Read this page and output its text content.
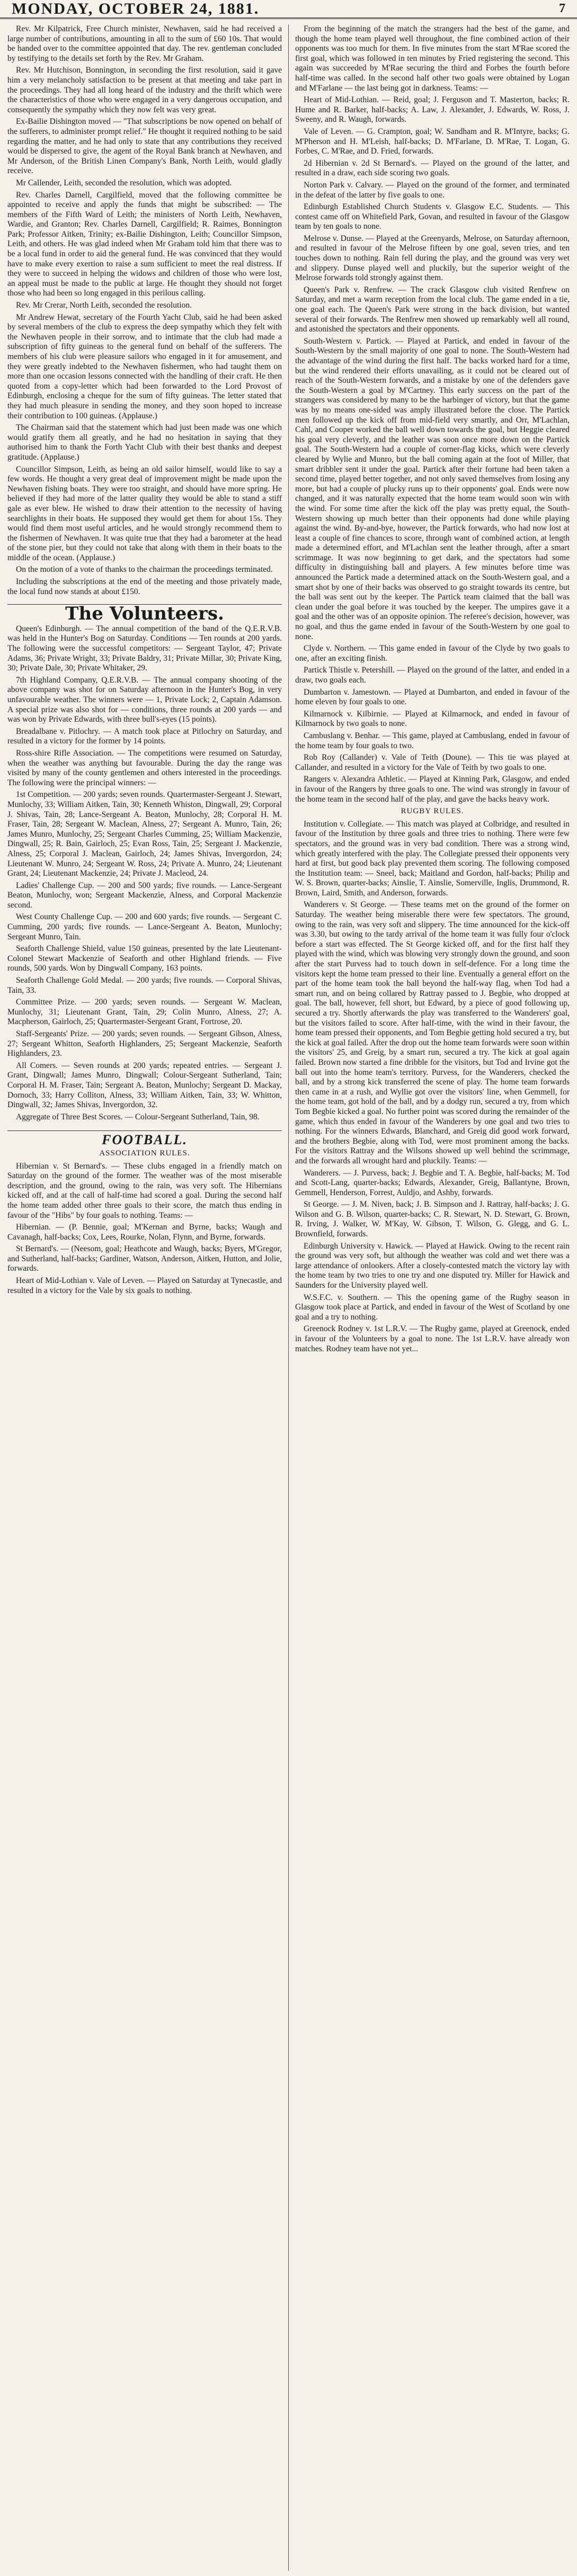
MONDAY, OCTOBER 24, 1881.	7

Rev. Mr Kilpatrick, Free Church minister, Newhaven, said he had received a large number of contributions, amounting in all to the sum of £60 10s. That would be handed over to the committee appointed that day. The rev. gentleman concluded by testifying to the details set forth by the Rev. Mr Graham.

Rev. Mr Hutchison, Bonnington, in seconding the first resolution, said it gave him a very melancholy satisfaction to be present at that meeting and take part in the proceedings. They had all long heard of the industry and the thrift which were the characteristics of those who were engaged in a very dangerous occupation, and consequently the sympathy which they now felt was very great.

Ex-Bailie Dishington moved — "That subscriptions be now opened on behalf of the sufferers, to administer prompt relief." He thought it required nothing to be said regarding the matter, and he had only to state that any contributions they received would be dispersed to give, the agent of the Royal Bank branch at Newhaven, and Mr Anderson, of the British Linen Company's Bank, North Leith, would gladly receive.

Mr Callender, Leith, seconded the resolution, which was adopted.

Rev. Charles Darnell, Cargilfield, moved that the following committee be appointed to receive and apply the funds that might be subscribed: — The members of the Fifth Ward of Leith; the ministers of North Leith, Newhaven, Wardie, and Granton; Rev. Charles Darnell, Cargilfield; R. Raimes, Bonnington Park; Professor Aitken, Trinity; ex-Bailie Dishington, Leith; Councillor Simpson, Leith, and others. He was glad indeed when Mr Graham told him that there was to be a local fund in order to aid the general fund. He was convinced that they would have to make every exertion to raise a sum sufficient to meet the real distress. If they were to succeed in helping the widows and children of those who were lost, an appeal must be made to the public at large. He thought they should not forget those who had been so long engaged in this perilous calling.

Rev. Mr Crerar, North Leith, seconded the resolution.

Mr Andrew Hewat, secretary of the Fourth Yacht Club, said he had been asked by several members of the club to express the deep sympathy which they felt with the Newhaven people in their sorrow, and to intimate that the club had made a subscription of fifty guineas to the general fund on behalf of the sufferers. The members of his club were pleasure sailors who engaged in it for amusement, and they were greatly indebted to the Newhaven fishermen, who had taught them on more than one occasion lessons connected with the handling of their craft. He then quoted from a copy-letter which had been forwarded to the Lord Provost of Edinburgh, enclosing a cheque for the sum of fifty guineas. The letter stated that they had much pleasure in sending the money, and they soon hoped to increase their contribution to 100 guineas. (Applause.)

The Chairman said that the statement which had just been made was one which would gratify them all greatly, and he had no hesitation in saying that they authorised him to thank the Forth Yacht Club with their best thanks and deepest gratitude. (Applause.)

Councillor Simpson, Leith, as being an old sailor himself, would like to say a few words. He thought a very great deal of improvement might be made upon the Newhaven fishing boats. They were too straight, and should have more spring. He believed if they had more of the latter quality they would be able to stand a stiff gale as ever blew. He wished to draw their attention to the necessity of having searchlights in their boats. He supposed they would get them for about 15s. They would find them most useful articles, and he would strongly recommend them to the fishermen of Newhaven. It was quite true that they had a barometer at the head of the stone pier, but they could not take that along with them in their boats to the middle of the ocean. (Applause.)

On the motion of a vote of thanks to the chairman the proceedings terminated.

Including the subscriptions at the end of the meeting and those privately made, the local fund now stands at about £150.

The Volunteers.

Queen's Edinburgh. — The annual competition of the band of the Q.E.R.V.B. was held in the Hunter's Bog on Saturday. Conditions — Ten rounds at 200 yards. The following were the successful competitors: — Sergeant Taylor, 47; Private Adams, 36; Private Wright, 33; Private Baldry, 31; Private Millar, 30; Private King, 30; Private Dale, 30; Private Whitaker, 29.

7th Highland Company, Q.E.R.V.B. — The annual company shooting of the above company was shot for on Saturday afternoon in the Hunter's Bog, in very unfavourable weather. The winners were — 1, Private Lock; 2, Captain Adamson. A special prize was also shot for — conditions, three rounds at 200 yards — and was won by Private Edwards, with three bull's-eyes (15 points).

Breadalbane v. Pitlochry. — A match took place at Pitlochry on Saturday, and resulted in a victory for the former by 14 points.

Ross-shire Rifle Association. — The competitions were resumed on Saturday, when the weather was anything but favourable. During the day the range was visited by many of the county gentlemen and others interested in the proceedings. The following were the principal winners: —

1st Competition. — 200 yards; seven rounds. Quartermaster-Sergeant J. Stewart, Munlochy, 33; William Aitken, Tain, 30; Kenneth Whiston, Dingwall, 29; Corporal J. Shivas, Tain, 28; Lance-Sergeant A. Beaton, Munlochy, 28; Corporal H. M. Fraser, Tain, 28; Sergeant W. Maclean, Alness, 27; Sergeant A. Munro, Tain, 26; James Munro, Munlochy, 25; Sergeant Charles Cumming, 25; William Mackenzie, Dingwall, 25; R. Bain, Gairloch, 25; Evan Ross, Tain, 25; Sergeant J. Mackenzie, Alness, 25; Corporal J. Maclean, Gairloch, 24; James Shivas, Invergordon, 24; Lieutenant W. Munro, 24; Sergeant W. Ross, 24; Private A. Munro, 24; Lieutenant Grant, 24; Lieutenant Mackenzie, 24; Private J. Macleod, 24.

Ladies' Challenge Cup. — 200 and 500 yards; five rounds. — Lance-Sergeant Beaton, Munlochy, won; Sergeant Mackenzie, Alness, and Corporal Mackenzie second.

West County Challenge Cup. — 200 and 600 yards; five rounds. — Sergeant C. Cumming, 200 yards; five rounds. — Lance-Sergeant A. Beaton, Munlochy; Sergeant Munro, Tain.

Seaforth Challenge Shield, value 150 guineas, presented by the late Lieutenant-Colonel Stewart Mackenzie of Seaforth and other Highland friends. — Five rounds, 500 yards. Won by Dingwall Company, 163 points.

Seaforth Challenge Gold Medal. — 200 yards; five rounds. — Corporal Shivas, Tain, 33.

Committee Prize. — 200 yards; seven rounds. — Sergeant W. Maclean, Munlochy, 31; Lieutenant Grant, Tain, 29; Colin Munro, Alness, 27; A. Macpherson, Gairloch, 25; Quartermaster-Sergeant Grant, Fortrose, 20.

Staff-Sergeants' Prize. — 200 yards; seven rounds. — Sergeant Gibson, Alness, 27; Sergeant Whitton, Seaforth Highlanders, 25; Sergeant Mackenzie, Seaforth Highlanders, 23.

All Comers. — Seven rounds at 200 yards; repeated entries. — Sergeant J. Grant, Dingwall; James Munro, Dingwall; Colour-Sergeant Sutherland, Tain; Corporal H. M. Fraser, Tain; Sergeant A. Beaton, Munlochy; Sergeant D. Mackay, Dornoch, 33; Harry Colliton, Alness, 33; William Aitken, Tain, 33; W. Whitton, Dingwall, 32; James Shivas, Invergordon, 32.

Aggregate of Three Best Scores. — Colour-Sergeant Sutherland, Tain, 98.

FOOTBALL.
ASSOCIATION RULES.

Hibernian v. St Bernard's. — These clubs engaged in a friendly match on Saturday on the ground of the former. The weather was of the most miserable description, and the ground, owing to the rain, was very soft. The Hibernians kicked off, and at the call of half-time had scored a goal. During the second half the home team added other three goals to their score, the match thus ending in favour of the "Hibs" by four goals to nothing. Teams: —

Hibernian. — (P. Bennie, goal; M'Kernan and Byrne, backs; Waugh and Cavanagh, half-backs; Cox, Lees, Rourke, Nolan, Flynn, and Byrne, forwards.

St Bernard's. — (Neesom, goal; Heathcote and Waugh, backs; Byers, M'Gregor, and Sutherland, half-backs; Gardiner, Watson, Anderson, Aitken, Hutton, and Jolie, forwards.

Heart of Mid-Lothian v. Vale of Leven. — Played on Saturday at Tynecastle, and resulted in a victory for the Vale by six goals to nothing.

From the beginning of the match the strangers had the best of the game, and though the home team played well throughout, the fine combined action of their opponents was too much for them. In five minutes from the start M'Rae scored the first goal, which was followed in ten minutes by Fried registering the second. This again was succeeded by M'Rae securing the third and Forbes the fourth before half-time was called. In the second half other two goals were obtained by Logan and M'Farlane — the last being got in darkness. Teams: —

Heart of Mid-Lothian. — Reid, goal; J. Ferguson and T. Masterton, backs; R. Hume and R. Barker, half-backs; A. Law, J. Alexander, J. Edwards, W. Ross, J. Sweeny, and R. Waugh, forwards.

Vale of Leven. — G. Crampton, goal; W. Sandham and R. M'Intyre, backs; G. M'Pherson and H. M'Leish, half-backs; D. M'Farlane, D. M'Rae, T. Logan, G. Forbes, C. M'Rae, and D. Fried, forwards.

2d Hibernian v. 2d St Bernard's. — Played on the ground of the latter, and resulted in a draw, each side scoring two goals.

Norton Park v. Calvary. — Played on the ground of the former, and terminated in the defeat of the latter by five goals to one.

Edinburgh Established Church Students v. Glasgow E.C. Students. — This contest came off on Whitefield Park, Govan, and resulted in favour of the Glasgow team by ten goals to none.

Melrose v. Dunse. — Played at the Greenyards, Melrose, on Saturday afternoon, and resulted in favour of the Melrose fifteen by one goal, seven tries, and ten touches down to nothing. Rain fell during the play, and the ground was very wet and slippery. Dunse played well and pluckily, but the superior weight of the Melrose forwards told strongly against them.

Queen's Park v. Renfrew. — The crack Glasgow club visited Renfrew on Saturday, and met a warm reception from the local club. The game ended in a tie, one goal each. The Queen's Park were strong in the back division, but wanted several of their forwards. The Renfrew men showed up remarkably well all round, and astonished the spectators and their opponents.

South-Western v. Partick. — Played at Partick, and ended in favour of the South-Western by the small majority of one goal to none. The South-Western had the advantage of the wind during the first half. The backs worked hard for a time, but the wind rendered their efforts unavailing, as it could not be cleared out of reach of the South-Western forwards, and a mistake by one of the defenders gave the South-Western a goal by M'Cartney. This early success on the part of the strangers was considered by many to be the harbinger of victory, but that the game was by no means one-sided was amply illustrated before the close. The Partick men followed up the kick off from mid-field very smartly, and Orr, M'Lachlan, Cahl, and Cooper worked the ball well down towards the goal, but Heggie cleared his goal very cleverly, and the leather was soon once more down on the Partick goal. The South-Western had a couple of corner-flag kicks, which were cleverly cleared by Wylie and Munro, but the ball coming again at the foot of Miller, that smart dribbler sent it under the goal. Partick after their fortune had been taken a second time, played better together, and not only saved themselves from losing any more, but had a couple of plucky runs up to their opponents' goal. Ends were now changed, and it was naturally expected that the home team would soon win with the wind. For some time after the kick off the play was pretty equal, the South-Western showing up much better than their opponents had done while playing against the wind. By-and-bye, however, the Partick forwards, who had now lost at least a couple of fine chances to score, through want of combined action, at length made a determined effort, and M'Lachlan sent the leather through, after a smart scrimmage. It was now beginning to get dark, and the spectators had some difficulty in distinguishing ball and players. A few minutes before time was announced the Partick made a determined attack on the South-Western goal, and a smart shot by one of their backs was observed to go straight towards its centre, but the ball was sent out by the keeper. The Partick team claimed that the ball was clean under the goal before it was touched by the keeper. The umpires gave it a goal and the other was of an opposite opinion. The referee's decision, however, was no goal, and thus the game ended in favour of the South-Western by one goal to none.

Clyde v. Northern. — This game ended in favour of the Clyde by two goals to one, after an exciting finish.

Partick Thistle v. Petershill. — Played on the ground of the latter, and ended in a draw, two goals each.

Dumbarton v. Jamestown. — Played at Dumbarton, and ended in favour of the home eleven by four goals to one.

Kilmarnock v. Kilbirnie. — Played at Kilmarnock, and ended in favour of Kilmarnock by two goals to none.

Cambuslang v. Benhar. — This game, played at Cambuslang, ended in favour of the home team by four goals to two.

Rob Roy (Callander) v. Vale of Teith (Doune). — This tie was played at Callander, and resulted in a victory for the Vale of Teith by two goals to one.

Rangers v. Alexandra Athletic. — Played at Kinning Park, Glasgow, and ended in favour of the Rangers by three goals to one. The wind was strongly in favour of the home team in the second half of the play, and gave the backs heavy work.

RUGBY RULES.

Institution v. Collegiate. — This match was played at Colbridge, and resulted in favour of the Institution by three goals and three tries to nothing. There were few spectators, and the ground was in very bad condition. There was a strong wind, which greatly interfered with the play. The Collegiate pressed their opponents very hard at first, but good back play prevented them scoring. The following composed the Institution team: — Sneel, back; Maitland and Gordon, half-backs; Philip and W. S. Brown, quarter-backs; Ainslie, T. Ainslie, Somerville, Inglis, Drummond, R. Brown, Laird, Smith, and Anderson, forwards.

Wanderers v. St George. — These teams met on the ground of the former on Saturday. The weather being miserable there were few spectators. The ground, owing to the rain, was very soft and slippery. The time announced for the kick-off was 3.30, but owing to the tardy arrival of the home team it was fully four o'clock before a start was effected. The St George kicked off, and for the first half they played with the wind, which was blowing very strongly down the ground, and soon after the start Purvess had to touch down in self-defence. For a long time the visitors kept the home team pressed to their line. Eventually a general effort on the part of the home team took the ball beyond the half-way flag, when Tod had a smart run, and on being collared by Rattray passed to J. Begbie, who dropped at goal. The ball, however, fell short, but Edward, by a piece of good following up, secured a try. Shortly afterwards the play was transferred to the Wanderers' goal, but the visitors failed to score. After half-time, with the wind in their favour, the home team pressed their opponents, and Tom Begbie getting hold secured a try, but the kick at goal failed. After the drop out the home team forwards were soon within the visitors' 25, and Greig, by a smart run, secured a try. The kick at goal again failed. Brown now started a fine dribble for the visitors, but Tod and Irvine got the ball out into the home team's territory. Purvess, for the Wanderers, checked the ball, and by a strong kick transferred the scene of play. The home team forwards then came in at a rush, and Wyllie got over the visitors' line, when Gemmell, for the home team, got hold of the ball, and by a dodgy run, secured a try, from which Tom Begbie kicked a goal. No further point was scored during the remainder of the game, which thus ended in favour of the Wanderers by one goal and two tries to nothing. For the winners Edwards, Blanchard, and Greig did good work forward, and the brothers Begbie, along with Tod, were most prominent among the backs. For the visitors Rattray and the Wilsons showed up well behind the scrimmage, and the forwards all wrought hard and pluckily. Teams: —

Wanderers. — J. Purvess, back; J. Begbie and T. A. Begbie, half-backs; M. Tod and Scott-Lang, quarter-backs; Edwards, Alexander, Greig, Ballantyne, Brown, Gemmell, Henderson, Forrest, Auldjo, and Ashby, forwards.

St George. — J. M. Niven, back; J. B. Simpson and J. Rattray, half-backs; J. G. Wilson and G. B. Wilson, quarter-backs; C. R. Stewart, N. D. Stewart, G. Brown, R. Irving, J. Walker, W. M'Kay, W. Gibson, T. Wilson, G. Glegg, and G. L. Brownfield, forwards.

Edinburgh University v. Hawick. — Played at Hawick. Owing to the recent rain the ground was very soft, but although the weather was cold and wet there was a large attendance of onlookers. After a closely-contested match the victory lay with the home team by two tries to one try and one disputed try. Miller for Hawick and Saunders for the University played well.

W.S.F.C. v. Southern. — This the opening game of the Rugby season in Glasgow took place at Partick, and ended in favour of the West of Scotland by one goal and a try to nothing.

Greenock Rodney v. 1st L.R.V. — The Rugby game, played at Greenock, ended in favour of the Volunteers by a goal to none. The 1st L.R.V. have already won matches. Rodney team have not yet...
